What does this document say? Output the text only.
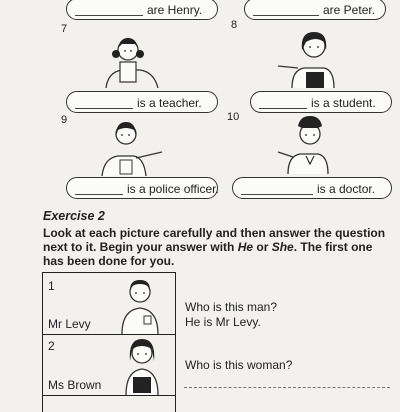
are Henry.	are Peter.
7
is a teacher.
8
is a student.
9
is a police officer.
10
is a doctor.
Exercise 2
Look at each picture carefully and then answer the question next to it. Begin your answer with He or She. The first one has been done for you.
1
Mr Levy
Who is this man?
He is Mr Levy.
2
Ms Brown
Who is this woman?
